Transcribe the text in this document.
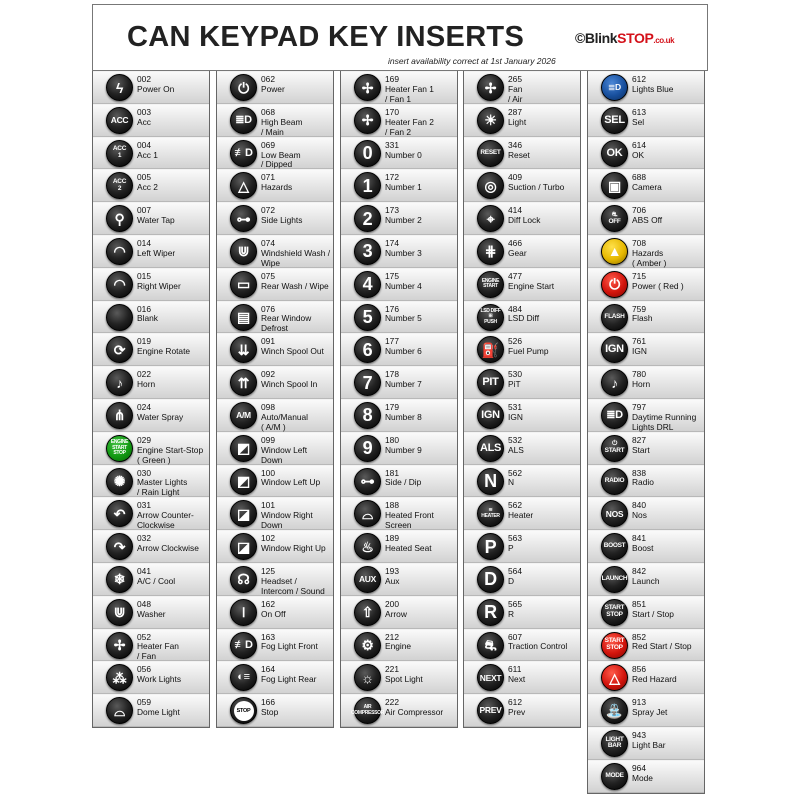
CAN KEYPAD KEY INSERTS	©BlinkSTOP.co.uk
insert availability correct at 1st January 2026
ϟ
002
Power On
ACC
003
Acc
ACC
1
004
Acc 1
ACC
2
005
Acc 2
⚲
007
Water Tap
◠
014
Left Wiper
◠
015
Right Wiper
016
Blank
⟳
019
Engine Rotate
♪
022
Horn
⋔
024
Water Spray
ENGINE
START
STOP
029
Engine Start-Stop
( Green )
✺
030
Master Lights
/ Rain Light
↶
031
Arrow Counter-
Clockwise
↷
032
Arrow Clockwise
❄
041
A/C / Cool
⋓
048
Washer
✢
052
Heater Fan
/ Fan
⁂
056
Work Lights
⌓
059
Dome Light
⏻
062
Power
≣D
068
High Beam
/ Main
≢D
069
Low Beam
/ Dipped
△
071
Hazards
⊶
072
Side Lights
⋓
074
Windshield Wash /
Wipe
▭
075
Rear Wash / Wipe
▤
076
Rear Window
Defrost
⇊
091
Winch Spool Out
⇈
092
Winch Spool In
A/M
098
Auto/Manual
( A/M )
◩
099
Window Left
Down
◩
100
Window Left Up
◪
101
Window Right
Down
◪
102
Window Right Up
☊
125
Headset /
Intercom / Sound
⏽
162
On Off
≢D
163
Fog Light Front
◐≡
164
Fog Light Rear
STOP
166
Stop
✢
169
Heater Fan 1
/ Fan 1
✢
170
Heater Fan 2
/ Fan 2
0 331
Number 0
1 172
Number 1
2 173
Number 2
3 174
Number 3
4 175
Number 4
5 176
Number 5
6 177
Number 6
7 178
Number 7
8 179
Number 8
9 180
Number 9
⊶
181
Side / Dip
⌓
188
Heated Front
Screen
♨
189
Heated Seat
AUX
193
Aux
⇧
200
Arrow
⚙
212
Engine
☼
221
Spot Light
AIR
COMPRESSOR
222
Air Compressor
✢
265
Fan
/ Air
☀
287
Light
RESET
346
Reset
◎
409
Suction / Turbo
⌖
414
Diff Lock
⋕
466
Gear
ENGINE
START
477
Engine Start
LSD DIFF
⊞
PUSH
484
LSD Diff
⛽
526
Fuel Pump
PIT
530
PiT
IGN
531
IGN
ALS
532
ALS
N 562
N
≋
HEATER
562
Heater
P 563
P
D 564
D
R 565
R
⛐
607
Traction Control
NEXT
611
Next
PREV
612
Prev
≣D
612
Lights Blue
SEL
613
Sel
OK
614
OK
▣
688
Camera
⛐
OFF
706
ABS Off
▲
708
Hazards
( Amber )
⏻
715
Power ( Red )
FLASH
759
Flash
IGN
761
IGN
♪
780
Horn
≣D
797
Daytime Running
Lights DRL
⏻
START
827
Start
RADIO
838
Radio
NOS
840
Nos
BOOST
841
Boost
LAUNCH
842
Launch
START
STOP
851
Start / Stop
START
STOP
852
Red Start / Stop
△
856
Red Hazard
⛲
913
Spray Jet
LIGHT
BAR
943
Light Bar
MODE
964
Mode
